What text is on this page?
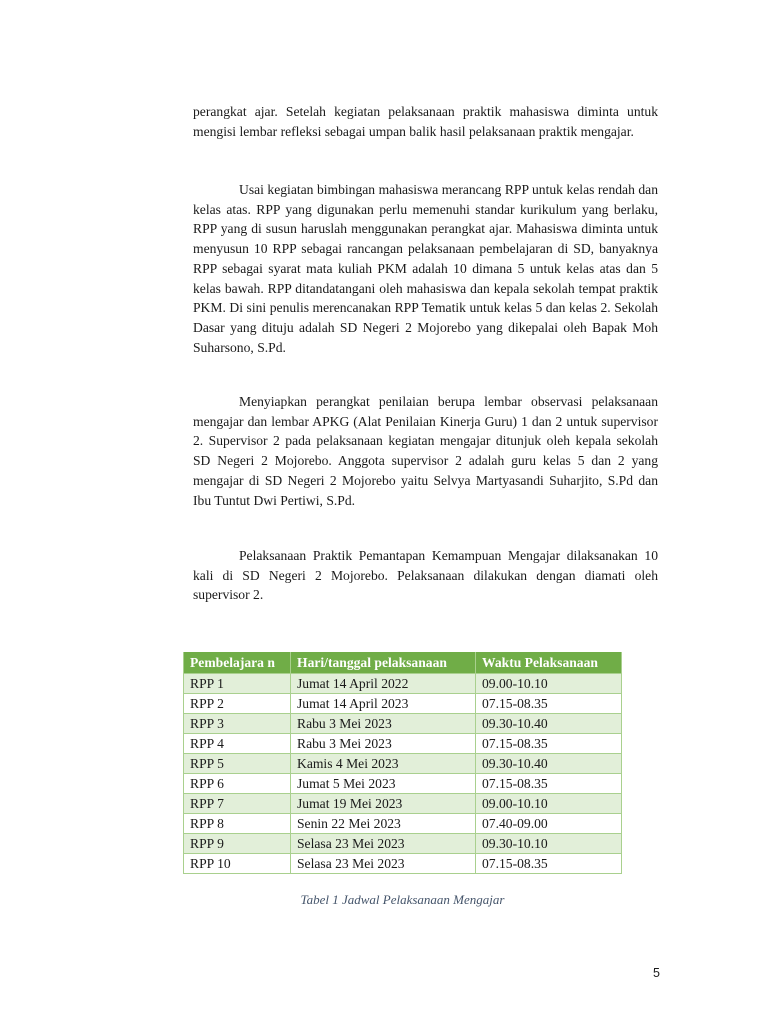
perangkat ajar. Setelah kegiatan pelaksanaan praktik mahasiswa diminta untuk mengisi lembar refleksi sebagai umpan balik hasil pelaksanaan praktik mengajar.

Usai kegiatan bimbingan mahasiswa merancang RPP untuk kelas rendah dan kelas atas. RPP yang digunakan perlu memenuhi standar kurikulum yang berlaku, RPP yang di susun haruslah menggunakan perangkat ajar. Mahasiswa diminta untuk menyusun 10 RPP sebagai rancangan pelaksanaan pembelajaran di SD, banyaknya RPP sebagai syarat mata kuliah PKM adalah 10 dimana 5 untuk kelas atas dan 5 kelas bawah. RPP ditandatangani oleh mahasiswa dan kepala sekolah tempat praktik PKM. Di sini penulis merencanakan RPP Tematik untuk kelas 5 dan kelas 2. Sekolah Dasar yang dituju adalah SD Negeri 2 Mojorebo yang dikepalai oleh Bapak Moh Suharsono, S.Pd.

Menyiapkan perangkat penilaian berupa lembar observasi pelaksanaan mengajar dan lembar APKG (Alat Penilaian Kinerja Guru) 1 dan 2 untuk supervisor 2. Supervisor 2 pada pelaksanaan kegiatan mengajar ditunjuk oleh kepala sekolah SD Negeri 2 Mojorebo. Anggota supervisor 2 adalah guru kelas 5 dan 2 yang mengajar di SD Negeri 2 Mojorebo yaitu Selvya Martyasandi Suharjito, S.Pd dan Ibu Tuntut Dwi Pertiwi, S.Pd.

Pelaksanaan Praktik Pemantapan Kemampuan Mengajar dilaksanakan 10 kali di SD Negeri 2 Mojorebo. Pelaksanaan dilakukan dengan diamati oleh supervisor 2.

Pembelajara n	Hari/tanggal pelaksanaan	Waktu Pelaksanaan
RPP 1	Jumat 14 April 2022	09.00-10.10
RPP 2	Jumat 14 April 2023	07.15-08.35
RPP 3	Rabu 3 Mei 2023	09.30-10.40
RPP 4	Rabu 3 Mei 2023	07.15-08.35
RPP 5	Kamis 4 Mei 2023	09.30-10.40
RPP 6	Jumat 5 Mei 2023	07.15-08.35
RPP 7	Jumat 19 Mei 2023	09.00-10.10
RPP 8	Senin 22 Mei 2023	07.40-09.00
RPP 9	Selasa 23 Mei 2023	09.30-10.10
RPP 10	Selasa 23 Mei 2023	07.15-08.35
Tabel 1 Jadwal Pelaksanaan Mengajar
5
